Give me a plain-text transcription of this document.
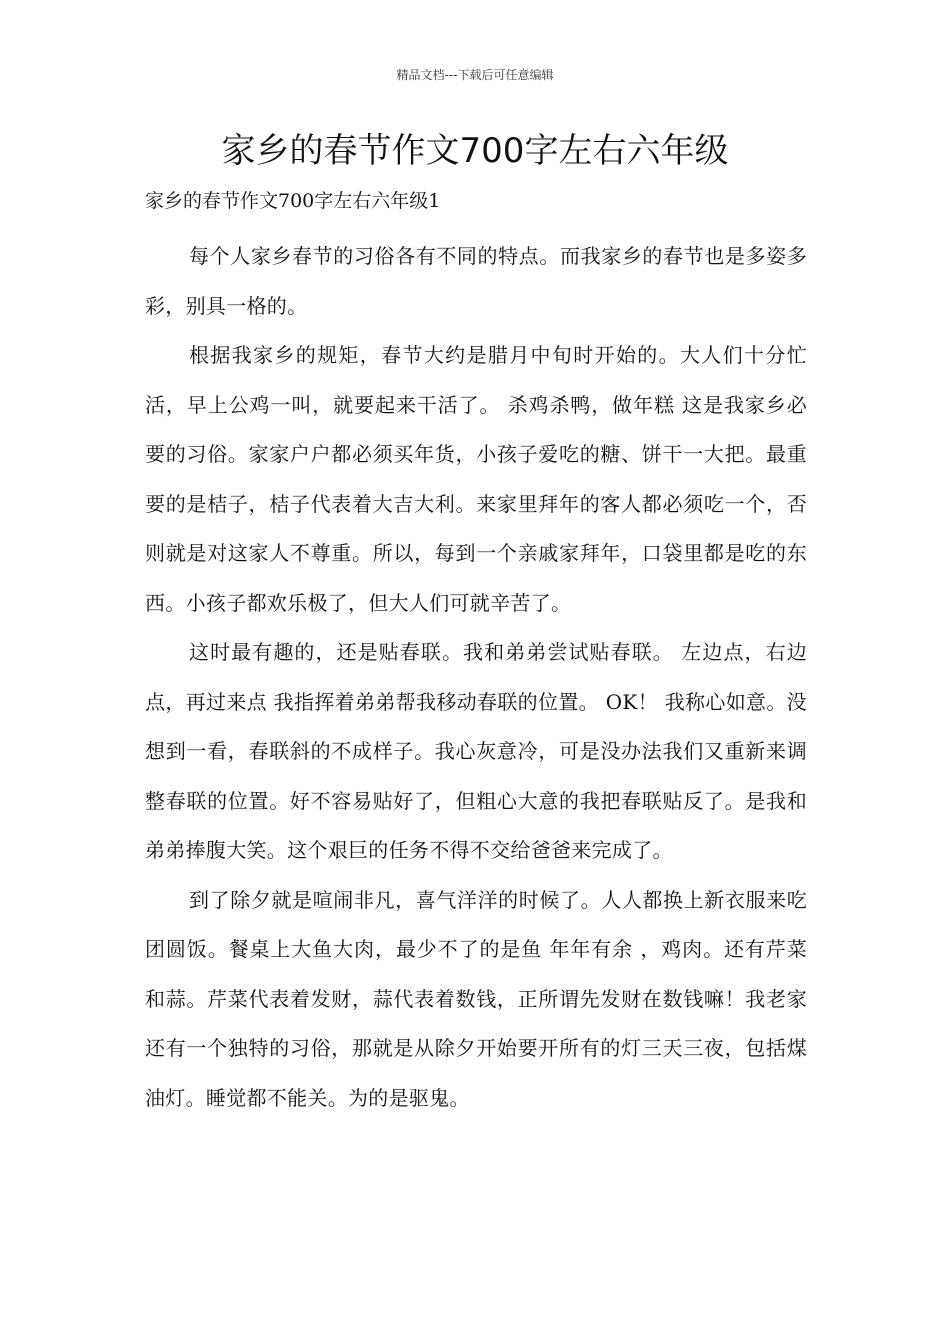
精品文档---下载后可任意编辑
家乡的春节作文700字左右六年级

家乡的春节作文700字左右六年级1

每个人家乡春节的习俗各有不同的特点。而我家乡的春节也是多姿多彩，别具一格的。

根据我家乡的规矩，春节大约是腊月中旬时开始的。大人们十分忙活，早上公鸡一叫，就要起来干活了。 杀鸡杀鸭，做年糕 这是我家乡必要的习俗。家家户户都必须买年货，小孩子爱吃的糖、饼干一大把。最重要的是桔子，桔子代表着大吉大利。来家里拜年的客人都必须吃一个，否则就是对这家人不尊重。所以，每到一个亲戚家拜年，口袋里都是吃的东西。小孩子都欢乐极了，但大人们可就辛苦了。

这时最有趣的，还是贴春联。我和弟弟尝试贴春联。 左边点，右边点，再过来点 我指挥着弟弟帮我移动春联的位置。 OK！ 我称心如意。没想到一看，春联斜的不成样子。我心灰意冷，可是没办法我们又重新来调整春联的位置。好不容易贴好了，但粗心大意的我把春联贴反了。是我和弟弟捧腹大笑。这个艰巨的任务不得不交给爸爸来完成了。

到了除夕就是喧闹非凡，喜气洋洋的时候了。人人都换上新衣服来吃团圆饭。餐桌上大鱼大肉，最少不了的是鱼 年年有余 ，鸡肉。还有芹菜和蒜。芹菜代表着发财，蒜代表着数钱，正所谓先发财在数钱嘛！我老家还有一个独特的习俗，那就是从除夕开始要开所有的灯三天三夜，包括煤油灯。睡觉都不能关。为的是驱鬼。
